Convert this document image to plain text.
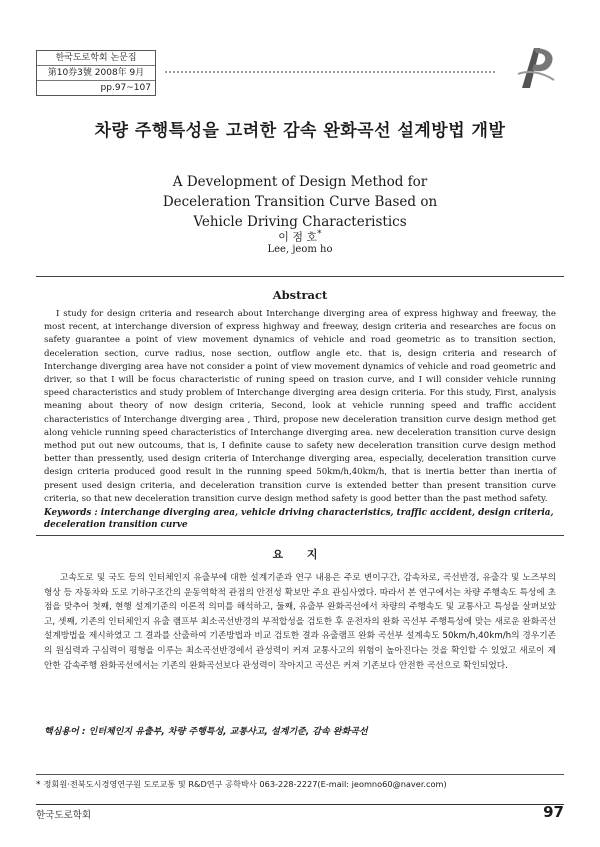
한국도로학회 논문집
第10券3號 2008年 9月
pp.97~107
차량 주행특성을 고려한 감속 완화곡선 설계방법 개발
A Development of Design Method for Deceleration Transition Curve Based on Vehicle Driving Characteristics
이 점 호*
Lee, jeom ho
Abstract
I study for design criteria and research about Interchange diverging area of express highway and freeway, the most recent, at interchange diversion of express highway and freeway, design criteria and researches are focus on safety guarantee a point of view movement dynamics of vehicle and road geometric as to transition section, deceleration section, curve radius, nose section, outflow angle etc. that is, design criteria and research of Interchange diverging area have not consider a point of view movement dynamics of vehicle and road geometric and driver, so that I will be focus characteristic of runing speed on trasion curve, and I will consider vehicle running speed characteristics and study problem of Interchange diverging area design criteria. For this study, First, analysis meaning about theory of now design criteria, Second, look at vehicle running speed and traffic accident characteristics of Interchange diverging area , Third, propose new deceleration transition curve design method get along vehicle running speed characteristics of Interchange diverging area. new deceleration transition curve design method put out new outcoums, that is, I definite cause to safety new deceleration transition curve design method better than pressently, used design criteria of Interchange diverging area, especially, deceleration transition curve design criteria produced good result in the running speed 50km/h,40km/h, that is inertia better than inertia of present used design criteria, and deceleration transition curve is extended better than present transition curve criteria, so that new deceleration transition curve design method safety is good better than the past method safety.
Keywords : interchange diverging area, vehicle driving characteristics, traffic accident, design criteria, deceleration transition curve
요 지
고속도로 및 국도 등의 인터체인지 유출부에 대한 설계기준과 연구 내용은 주로 변이구간, 감속차로, 곡선반경, 유출각 및 노즈부의 형상 등 자동차와 도로 기하구조간의 운동역학적 관점의 안전성 확보만 주요 관심사였다. 따라서 본 연구에서는 차량 주행속도 특성에 초점을 맞추어 첫째, 현행 설계기준의 이론적 의미를 해석하고, 둘째, 유출부 완화곡선에서 차량의 주행속도 및 교통사고 특성을 살펴보았고, 셋째, 기존의 인터체인지 유출 램프부 최소곡선반경의 부적합성을 검토한 후 운전자의 완화 곡선부 주행특성에 맞는 새로운 완화곡선 설계방법을 제시하였고 그 결과를 산출하여 기존방법과 비교 검토한 결과 유출램프 완화 곡선부 설계속도 50km/h,40km/h의 경우기존의 원심력과 구심력이 평형을 이루는 최소곡선반경에서 관성력이 커져 교통사고의 위험이 높아진다는 것을 확인할 수 있었고 새로이 제안한 감속주행 완화곡선에서는 기존의 완화곡선보다 관성력이 작아지고 곡선은 커져 기존보다 안전한 곡선으로 확인되었다.
핵심용어 : 인터체인지 유출부, 차량 주행특성, 교통사고, 설계기준, 감속 완화곡선
* 정회원·전북도시경영연구원 도로교통 및 R&D연구 공학박사 063-228-2227(E-mail: jeomno60@naver.com)
한국도로학회	97
